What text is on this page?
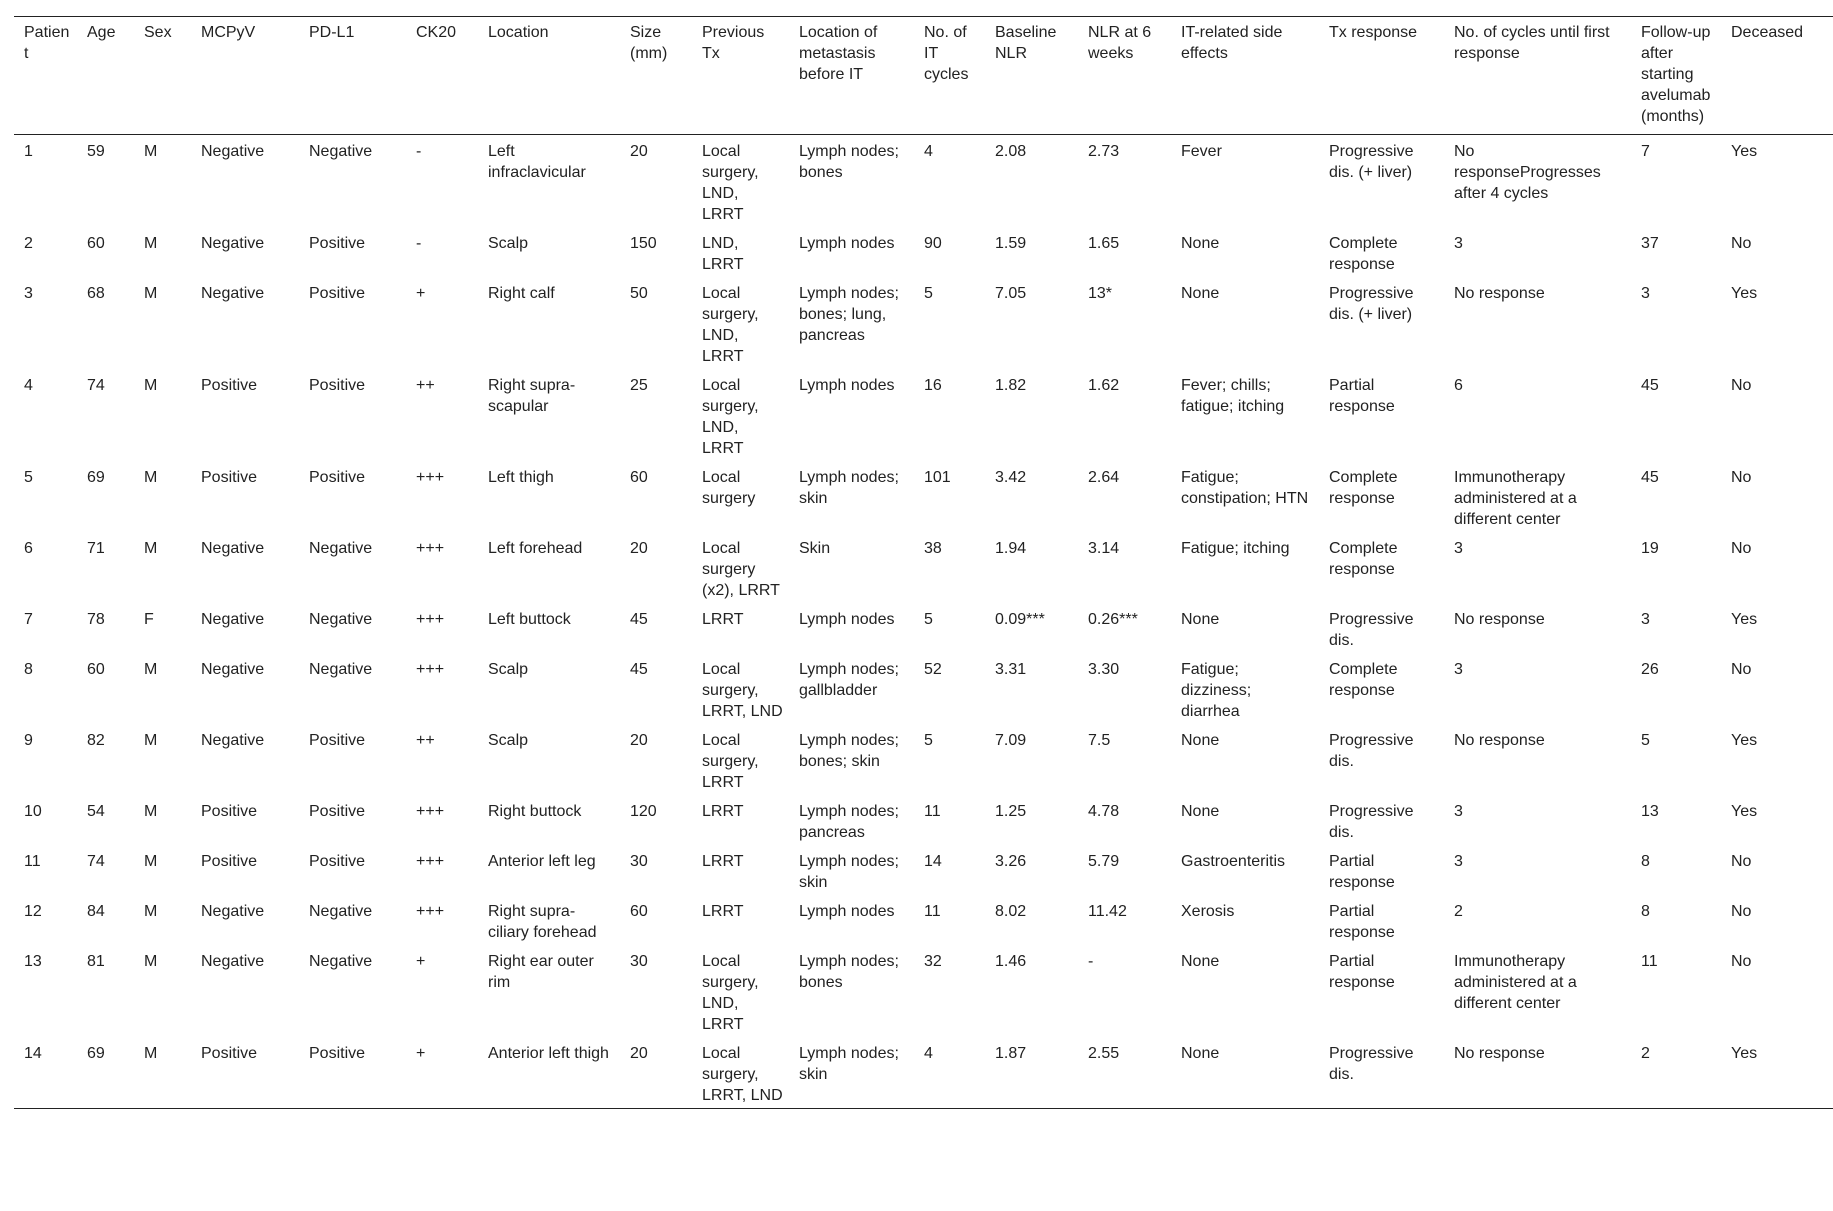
Patient	Age	Sex	MCPyV	PD-L1	CK20	Location	Size (mm)	Previous Tx	Location of metastasis before IT	No. of IT cycles	Baseline NLR	NLR at 6 weeks	IT-related side effects	Tx response	No. of cycles until first response	Follow-up after starting avelumab (months)	Deceased
1	59	M	Negative	Negative	-	Left infraclavicular	20	Local surgery, LND, LRRT	Lymph nodes; bones	4	2.08	2.73	Fever	Progressive dis. (+ liver)	No responseProgresses after 4 cycles	7	Yes
2	60	M	Negative	Positive	-	Scalp	150	LND, LRRT	Lymph nodes	90	1.59	1.65	None	Complete response	3	37	No
3	68	M	Negative	Positive	+	Right calf	50	Local surgery, LND, LRRT	Lymph nodes; bones; lung, pancreas	5	7.05	13*	None	Progressive dis. (+ liver)	No response	3	Yes
4	74	M	Positive	Positive	++	Right supra-scapular	25	Local surgery, LND, LRRT	Lymph nodes	16	1.82	1.62	Fever; chills; fatigue; itching	Partial response	6	45	No
5	69	M	Positive	Positive	+++	Left thigh	60	Local surgery	Lymph nodes; skin	101	3.42	2.64	Fatigue; constipation; HTN	Complete response	Immunotherapy administered at a different center	45	No
6	71	M	Negative	Negative	+++	Left forehead	20	Local surgery (x2), LRRT	Skin	38	1.94	3.14	Fatigue; itching	Complete response	3	19	No
7	78	F	Negative	Negative	+++	Left buttock	45	LRRT	Lymph nodes	5	0.09***	0.26***	None	Progressive dis.	No response	3	Yes
8	60	M	Negative	Negative	+++	Scalp	45	Local surgery, LRRT, LND	Lymph nodes; gallbladder	52	3.31	3.30	Fatigue; dizziness; diarrhea	Complete response	3	26	No
9	82	M	Negative	Positive	++	Scalp	20	Local surgery, LRRT	Lymph nodes; bones; skin	5	7.09	7.5	None	Progressive dis.	No response	5	Yes
10	54	M	Positive	Positive	+++	Right buttock	120	LRRT	Lymph nodes; pancreas	11	1.25	4.78	None	Progressive dis.	3	13	Yes
11	74	M	Positive	Positive	+++	Anterior left leg	30	LRRT	Lymph nodes; skin	14	3.26	5.79	Gastroenteritis	Partial response	3	8	No
12	84	M	Negative	Negative	+++	Right supra-ciliary forehead	60	LRRT	Lymph nodes	11	8.02	11.42	Xerosis	Partial response	2	8	No
13	81	M	Negative	Negative	+	Right ear outer rim	30	Local surgery, LND, LRRT	Lymph nodes; bones	32	1.46	-	None	Partial response	Immunotherapy administered at a different center	11	No
14	69	M	Positive	Positive	+	Anterior left thigh	20	Local surgery, LRRT, LND	Lymph nodes; skin	4	1.87	2.55	None	Progressive dis.	No response	2	Yes
